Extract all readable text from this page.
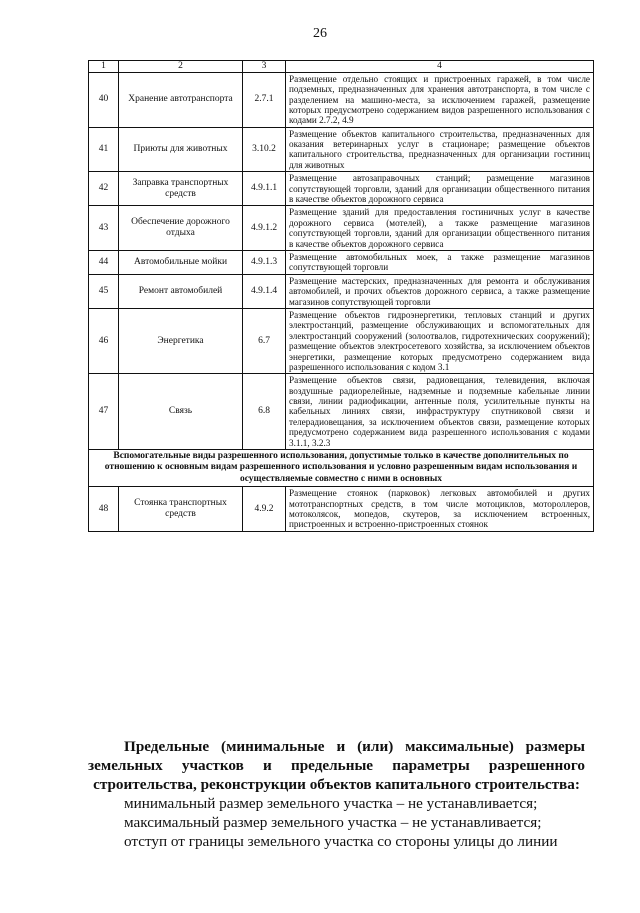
26
1	2	3	4
40	Хранение автотранспорта	2.7.1	Размещение отдельно стоящих и пристроенных гаражей, в том числе подземных, предназначенных для хранения автотранспорта, в том числе с разделением на машино-места, за исключением гаражей, размещение которых предусмотрено содержанием видов разрешенного использования с кодами 2.7.2, 4.9
41	Приюты для животных	3.10.2	Размещение объектов капитального строительства, предназначенных для оказания ветеринарных услуг в стационаре; размещение объектов капитального строительства, предназначенных для организации гостиниц для животных
42	Заправка транспортных средств	4.9.1.1	Размещение автозаправочных станций; размещение магазинов сопутствующей торговли, зданий для организации общественного питания в качестве объектов дорожного сервиса
43	Обеспечение дорожного отдыха	4.9.1.2	Размещение зданий для предоставления гостиничных услуг в качестве дорожного сервиса (мотелей), а также размещение магазинов сопутствующей торговли, зданий для организации общественного питания в качестве объектов дорожного сервиса
44	Автомобильные мойки	4.9.1.3	Размещение автомобильных моек, а также размещение магазинов сопутствующей торговли
45	Ремонт автомобилей	4.9.1.4	Размещение мастерских, предназначенных для ремонта и обслуживания автомобилей, и прочих объектов дорожного сервиса, а также размещение магазинов сопутствующей торговли
46	Энергетика	6.7	Размещение объектов гидроэнергетики, тепловых станций и других электростанций, размещение обслуживающих и вспомогательных для электростанций сооружений (золоотвалов, гидротехнических сооружений); размещение объектов электросетевого хозяйства, за исключением объектов энергетики, размещение которых предусмотрено содержанием вида разрешенного использования с кодом 3.1
47	Связь	6.8	Размещение объектов связи, радиовещания, телевидения, включая воздушные радиорелейные, надземные и подземные кабельные линии связи, линии радиофикации, антенные поля, усилительные пункты на кабельных линиях связи, инфраструктуру спутниковой связи и телерадиовещания, за исключением объектов связи, размещение которых предусмотрено содержанием вида разрешенного использования с кодами 3.1.1, 3.2.3
Вспомогательные виды разрешенного использования, допустимые только в качестве дополнительных по отношению к основным видам разрешенного использования и условно разрешенным видам использования и осуществляемые совместно с ними в основных			
48	Стоянка транспортных средств	4.9.2	Размещение стоянок (парковок) легковых автомобилей и других мототранспортных средств, в том числе мотоциклов, мотороллеров, мотоколясок, мопедов, скутеров, за исключением встроенных, пристроенных и встроенно-пристроенных стоянок

Предельные (минимальные и (или) максимальные) размеры земельных участков и предельные параметры разрешенного строительства, реконструкции объектов капитального строительства:

минимальный размер земельного участка – не устанавливается;

максимальный размер земельного участка – не устанавливается;

отступ от границы земельного участка со стороны улицы до линии
